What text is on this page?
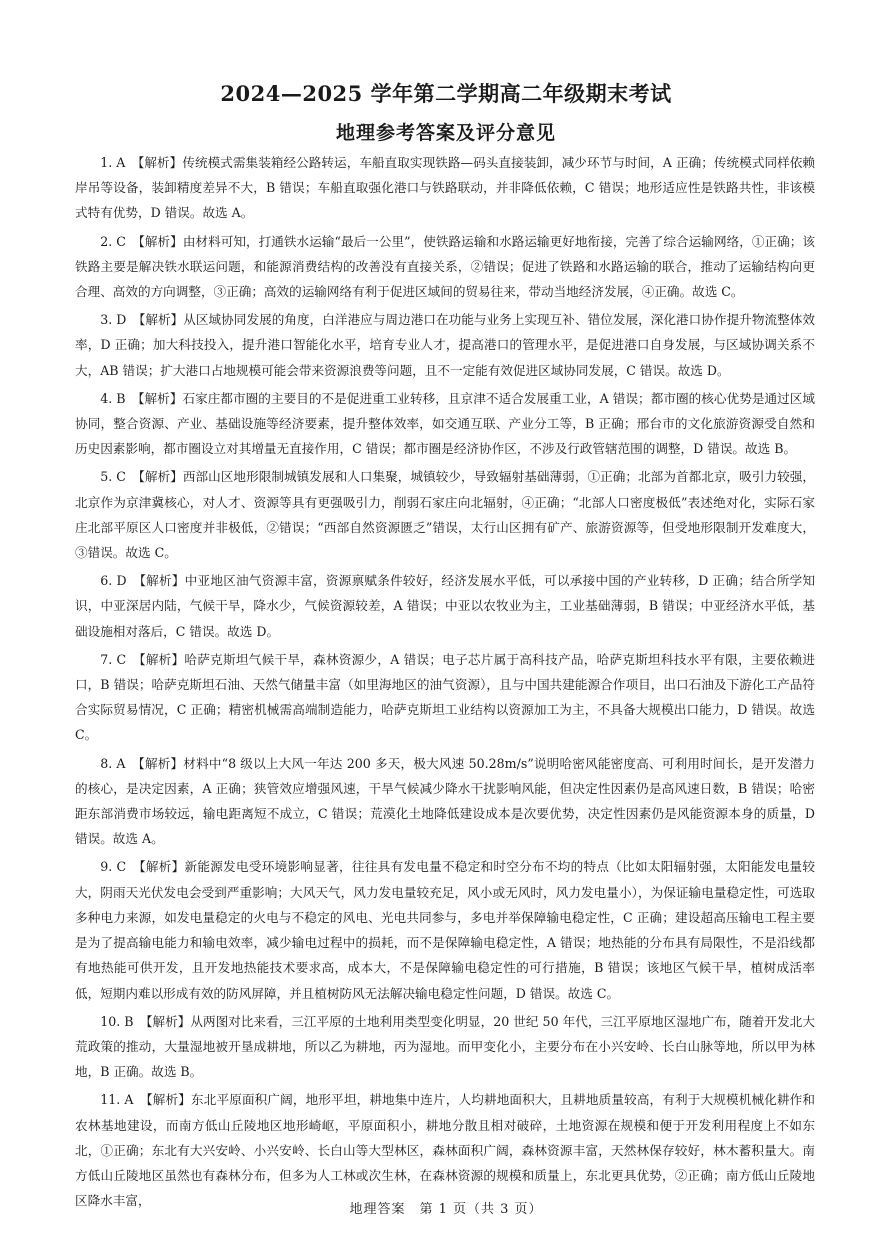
2024—2025 学年第二学期高二年级期末考试
地理参考答案及评分意见

1. A　【解析】传统模式需集装箱经公路转运，车船直取实现铁路—码头直接装卸，减少环节与时间，A 正确；传统模式同样依赖岸吊等设备，装卸精度差异不大，B 错误；车船直取强化港口与铁路联动，并非降低依赖，C 错误；地形适应性是铁路共性，非该模式特有优势，D 错误。故选 A。

2. C　【解析】由材料可知，打通铁水运输“最后一公里”，使铁路运输和水路运输更好地衔接，完善了综合运输网络，①正确；该铁路主要是解决铁水联运问题，和能源消费结构的改善没有直接关系，②错误；促进了铁路和水路运输的联合，推动了运输结构向更合理、高效的方向调整，③正确；高效的运输网络有利于促进区域间的贸易往来，带动当地经济发展，④正确。故选 C。

3. D　【解析】从区域协同发展的角度，白洋港应与周边港口在功能与业务上实现互补、错位发展，深化港口协作提升物流整体效率，D 正确；加大科技投入，提升港口智能化水平，培育专业人才，提高港口的管理水平，是促进港口自身发展，与区域协调关系不大，AB 错误；扩大港口占地规模可能会带来资源浪费等问题，且不一定能有效促进区域协同发展，C 错误。故选 D。

4. B　【解析】石家庄都市圈的主要目的不是促进重工业转移，且京津不适合发展重工业，A 错误；都市圈的核心优势是通过区域协同，整合资源、产业、基础设施等经济要素，提升整体效率，如交通互联、产业分工等，B 正确；邢台市的文化旅游资源受自然和历史因素影响，都市圈设立对其增量无直接作用，C 错误；都市圈是经济协作区，不涉及行政管辖范围的调整，D 错误。故选 B。

5. C　【解析】西部山区地形限制城镇发展和人口集聚，城镇较少，导致辐射基础薄弱，①正确；北部为首都北京，吸引力较强，北京作为京津冀核心，对人才、资源等具有更强吸引力，削弱石家庄向北辐射，④正确；“北部人口密度极低”表述绝对化，实际石家庄北部平原区人口密度并非极低，②错误；“西部自然资源匮乏”错误，太行山区拥有矿产、旅游资源等，但受地形限制开发难度大，③错误。故选 C。

6. D　【解析】中亚地区油气资源丰富，资源禀赋条件较好，经济发展水平低，可以承接中国的产业转移，D 正确；结合所学知识，中亚深居内陆，气候干旱，降水少，气候资源较差，A 错误；中亚以农牧业为主，工业基础薄弱，B 错误；中亚经济水平低，基础设施相对落后，C 错误。故选 D。

7. C　【解析】哈萨克斯坦气候干旱，森林资源少，A 错误；电子芯片属于高科技产品，哈萨克斯坦科技水平有限，主要依赖进口，B 错误；哈萨克斯坦石油、天然气储量丰富（如里海地区的油气资源），且与中国共建能源合作项目，出口石油及下游化工产品符合实际贸易情况，C 正确；精密机械需高端制造能力，哈萨克斯坦工业结构以资源加工为主，不具备大规模出口能力，D 错误。故选 C。

8. A　【解析】材料中“8 级以上大风一年达 200 多天，极大风速 50.28m/s”说明哈密风能密度高、可利用时间长，是开发潜力的核心，是决定因素，A 正确；狭管效应增强风速，干旱气候减少降水干扰影响风能，但决定性因素仍是高风速日数，B 错误；哈密距东部消费市场较远，输电距离短不成立，C 错误；荒漠化土地降低建设成本是次要优势，决定性因素仍是风能资源本身的质量，D 错误。故选 A。

9. C　【解析】新能源发电受环境影响显著，往往具有发电量不稳定和时空分布不均的特点（比如太阳辐射强，太阳能发电量较大，阴雨天光伏发电会受到严重影响；大风天气，风力发电量较充足，风小或无风时，风力发电量小），为保证输电量稳定性，可选取多种电力来源，如发电量稳定的火电与不稳定的风电、光电共同参与，多电并举保障输电稳定性，C 正确；建设超高压输电工程主要是为了提高输电能力和输电效率，减少输电过程中的损耗，而不是保障输电稳定性，A 错误；地热能的分布具有局限性，不是沿线都有地热能可供开发，且开发地热能技术要求高，成本大，不是保障输电稳定性的可行措施，B 错误；该地区气候干旱，植树成活率低，短期内难以形成有效的防风屏障，并且植树防风无法解决输电稳定性问题，D 错误。故选 C。

10. B　【解析】从两图对比来看，三江平原的土地利用类型变化明显，20 世纪 50 年代，三江平原地区湿地广布，随着开发北大荒政策的推动，大量湿地被开垦成耕地，所以乙为耕地，丙为湿地。而甲变化小，主要分布在小兴安岭、长白山脉等地，所以甲为林地，B 正确。故选 B。

11. A　【解析】东北平原面积广阔，地形平坦，耕地集中连片，人均耕地面积大，且耕地质量较高，有利于大规模机械化耕作和农林基地建设，而南方低山丘陵地区地形崎岖，平原面积小，耕地分散且相对破碎，土地资源在规模和便于开发利用程度上不如东北，①正确；东北有大兴安岭、小兴安岭、长白山等大型林区，森林面积广阔，森林资源丰富，天然林保存较好，林木蓄积量大。南方低山丘陵地区虽然也有森林分布，但多为人工林或次生林，在森林资源的规模和质量上，东北更具优势，②正确；南方低山丘陵地区降水丰富，

地理答案　第 1 页（共 3 页）
